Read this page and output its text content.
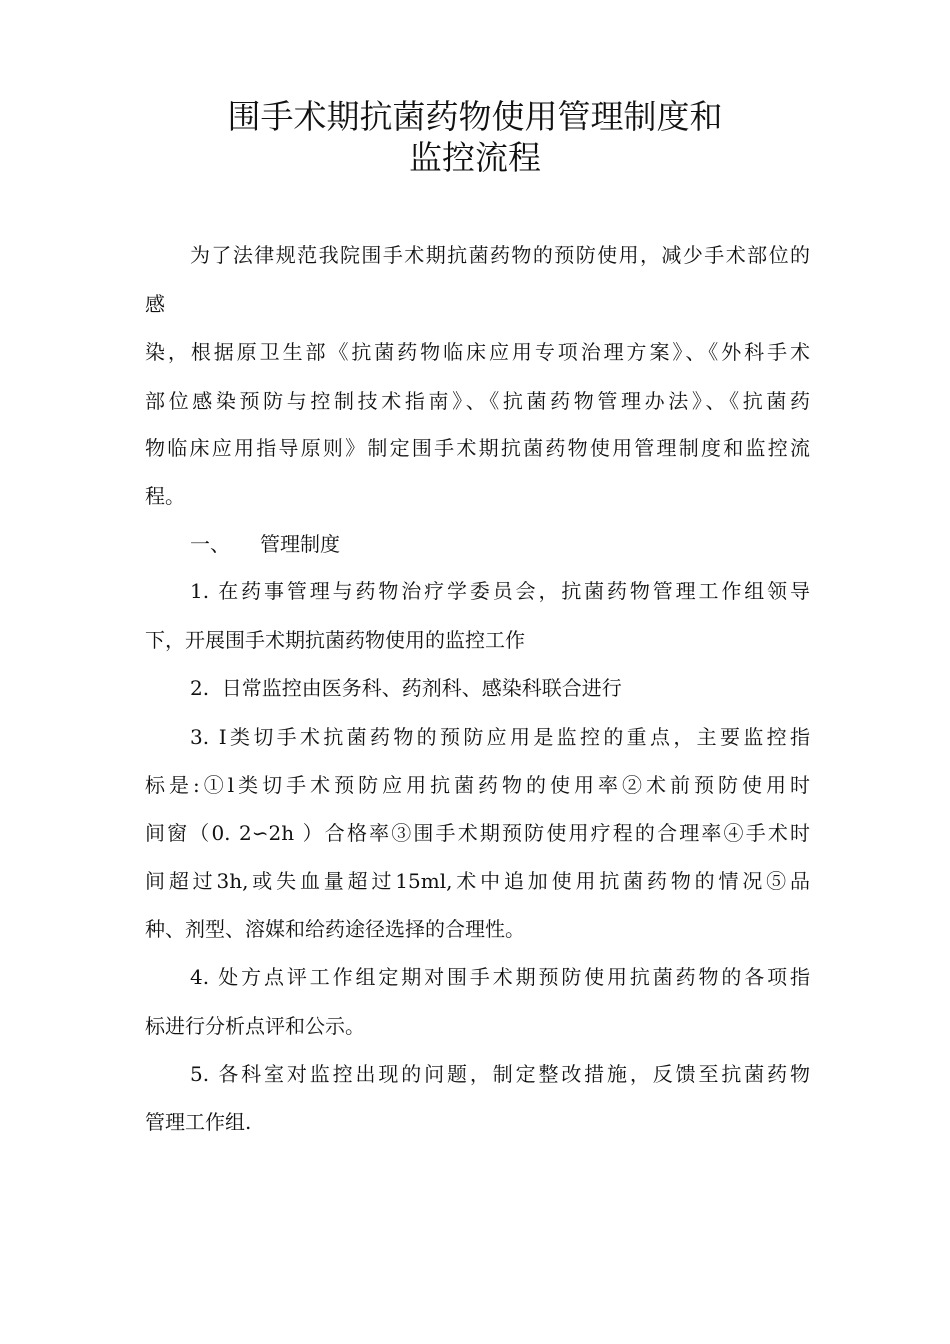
围手术期抗菌药物使用管理制度和
监控流程

为了法律规范我院围手术期抗菌药物的预防使用，减少手术部位的

感

染，根据原卫生部《抗菌药物临床应用专项治理方案》、《外科手术

部位感染预防与控制技术指南》、《抗菌药物管理办法》、《抗菌药

物临床应用指导原则》制定围手术期抗菌药物使用管理制度和监控流

程。

一、　　管理制度

1. 在药事管理与药物治疗学委员会，抗菌药物管理工作组领导

下，开展围手术期抗菌药物使用的监控工作

2.  日常监控由医务科、药剂科、感染科联合进行

3. Ⅰ类切手术抗菌药物的预防应用是监控的重点，主要监控指

标是:①l类切手术预防应用抗菌药物的使用率②术前预防使用时

间窗（0. 2∽2h ）合格率③围手术期预防使用疗程的合理率④手术时

间超过3h,或失血量超过15ml,术中追加使用抗菌药物的情况⑤品

种、剂型、溶媒和给药途径选择的合理性。

4. 处方点评工作组定期对围手术期预防使用抗菌药物的各项指

标进行分析点评和公示。

5. 各科室对监控出现的问题，制定整改措施，反馈至抗菌药物

管理工作组.
